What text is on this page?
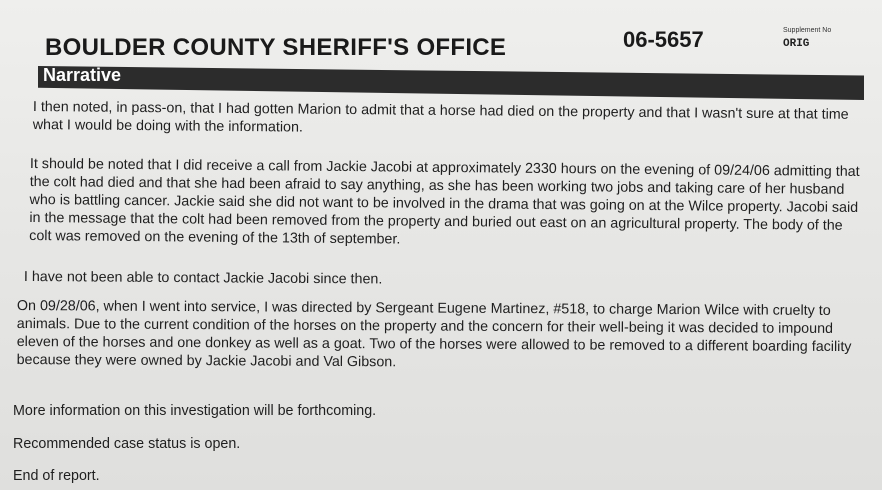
BOULDER COUNTY SHERIFF'S OFFICE	06-5657	Supplement No
ORIG
Narrative

I then noted, in pass-on, that I had gotten Marion to admit that a horse had died on the property and that I wasn't sure at that time what I would be doing with the information.

It should be noted that I did receive a call from Jackie Jacobi at approximately 2330 hours on the evening of 09/24/06 admitting that the colt had died and that she had been afraid to say anything, as she has been working two jobs and taking care of her husband who is battling cancer. Jackie said she did not want to be involved in the drama that was going on at the Wilce property. Jacobi said in the message that the colt had been removed from the property and buried out east on an agricultural property. The body of the colt was removed on the evening of the 13th of september.

I have not been able to contact Jackie Jacobi since then.

On 09/28/06, when I went into service, I was directed by Sergeant Eugene Martinez, #518, to charge Marion Wilce with cruelty to animals. Due to the current condition of the horses on the property and the concern for their well-being it was decided to impound eleven of the horses and one donkey as well as a goat. Two of the horses were allowed to be removed to a different boarding facility because they were owned by Jackie Jacobi and Val Gibson.

More information on this investigation will be forthcoming.

Recommended case status is open.

End of report.
